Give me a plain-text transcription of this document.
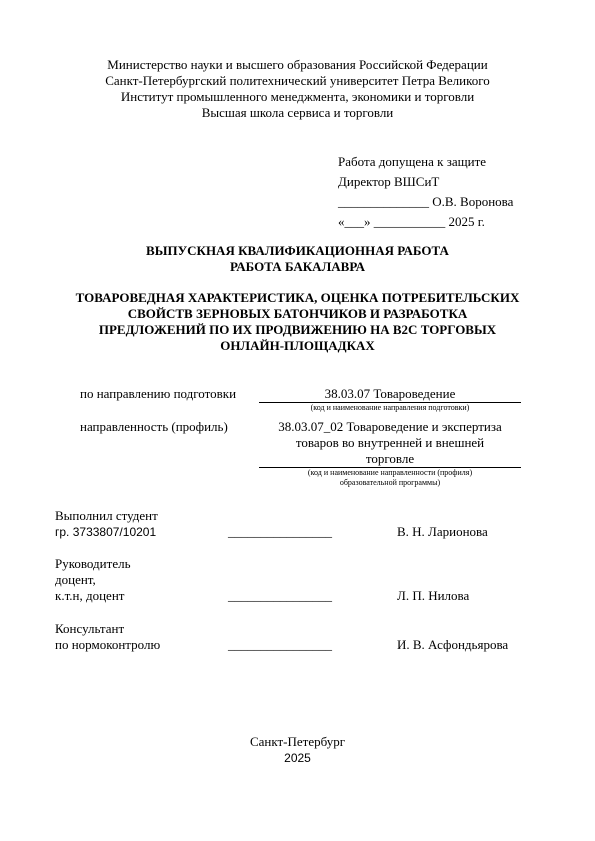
Министерство науки и высшего образования Российской Федерации
Санкт-Петербургский политехнический университет Петра Великого
Институт промышленного менеджмента, экономики и торговли
Высшая школа сервиса и торговли
Работа допущена к защите
Директор ВШСиТ
______________ О.В. Воронова
«___» ___________ 2025 г.
ВЫПУСКНАЯ КВАЛИФИКАЦИОННАЯ РАБОТА
РАБОТА БАКАЛАВРА
ТОВАРОВЕДНАЯ ХАРАКТЕРИСТИКА, ОЦЕНКА ПОТРЕБИТЕЛЬСКИХ
СВОЙСТВ ЗЕРНОВЫХ БАТОНЧИКОВ И РАЗРАБОТКА
ПРЕДЛОЖЕНИЙ ПО ИХ ПРОДВИЖЕНИЮ НА B2C ТОРГОВЫХ
ОНЛАЙН-ПЛОЩАДКАХ
по направлению подготовки	38.03.07 Товароведение
(код и наименование направления подготовки)
направленность (профиль)	38.03.07_02 Товароведение и экспертиза
товаров во внутренней и внешней
торговле
(код и наименование направленности (профиля)
образовательной программы)
Выполнил студент
гр. 3733807/10201	________________	В. Н. Ларионова
Руководитель
доцент,
к.т.н, доцент	________________	Л. П. Нилова
Консультант
по нормоконтролю	________________	И. В. Асфондьярова
Санкт-Петербург
2025
